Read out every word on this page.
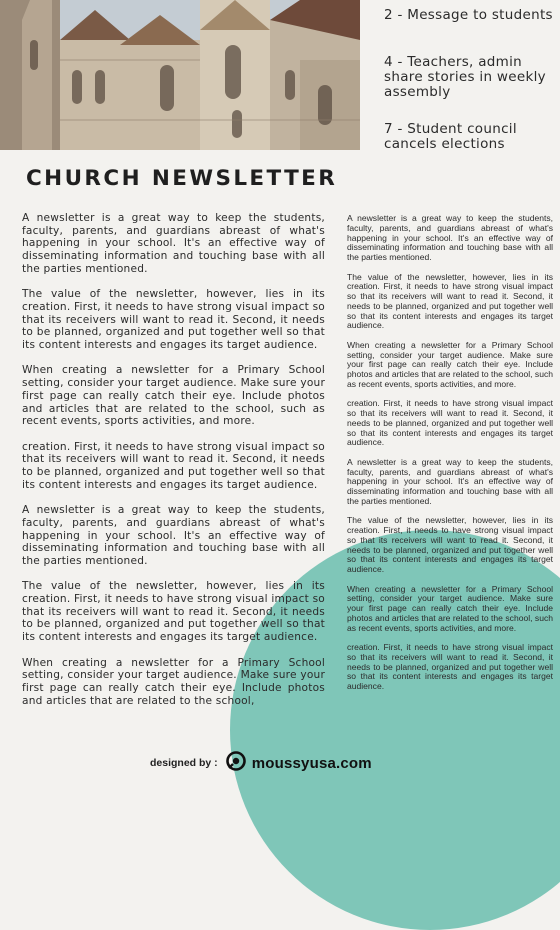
2 - Message to students
4 - Teachers, admin share stories in weekly assembly
7 - Student council cancels elections
CHURCH NEWSLETTER

A newsletter is a great way to keep the students, faculty, parents, and guardians abreast of what's happening in your school. It's an effective way of disseminating information and touching base with all the parties mentioned.

The value of the newsletter, however, lies in its creation. First, it needs to have strong visual impact so that its receivers will want to read it. Second, it needs to be planned, organized and put together well so that its content interests and engages its target audience.

When creating a newsletter for a Primary School setting, consider your target audience. Make sure your first page can really catch their eye. Include photos and articles that are related to the school, such as recent events, sports activities, and more.

creation. First, it needs to have strong visual impact so that its receivers will want to read it. Second, it needs to be planned, organized and put together well so that its content interests and engages its target audience.

A newsletter is a great way to keep the students, faculty, parents, and guardians abreast of what's happening in your school. It's an effective way of disseminating information and touching base with all the parties mentioned.

The value of the newsletter, however, lies in its creation. First, it needs to have strong visual impact so that its receivers will want to read it. Second, it needs to be planned, organized and put together well so that its content interests and engages its target audience.

When creating a newsletter for a Primary School setting, consider your target audience. Make sure your first page can really catch their eye. Include photos and articles that are related to the school,

A newsletter is a great way to keep the students, faculty, parents, and guardians abreast of what's happening in your school. It's an effective way of disseminating information and touching base with all the parties mentioned.

The value of the newsletter, however, lies in its creation. First, it needs to have strong visual impact so that its receivers will want to read it. Second, it needs to be planned, organized and put together well so that its content interests and engages its target audience.

When creating a newsletter for a Primary School setting, consider your target audience. Make sure your first page can really catch their eye. Include photos and articles that are related to the school, such as recent events, sports activities, and more.

creation. First, it needs to have strong visual impact so that its receivers will want to read it. Second, it needs to be planned, organized and put together well so that its content interests and engages its target audience.

A newsletter is a great way to keep the students, faculty, parents, and guardians abreast of what's happening in your school. It's an effective way of disseminating information and touching base with all the parties mentioned.

The value of the newsletter, however, lies in its creation. First, it needs to have strong visual impact so that its receivers will want to read it. Second, it needs to be planned, organized and put together well so that its content interests and engages its target audience.

When creating a newsletter for a Primary School setting, consider your target audience. Make sure your first page can really catch their eye. Include photos and articles that are related to the school, such as recent events, sports activities, and more.

creation. First, it needs to have strong visual impact so that its receivers will want to read it. Second, it needs to be planned, organized and put together well so that its content interests and engages its target audience.

designed by : moussyusa.com
